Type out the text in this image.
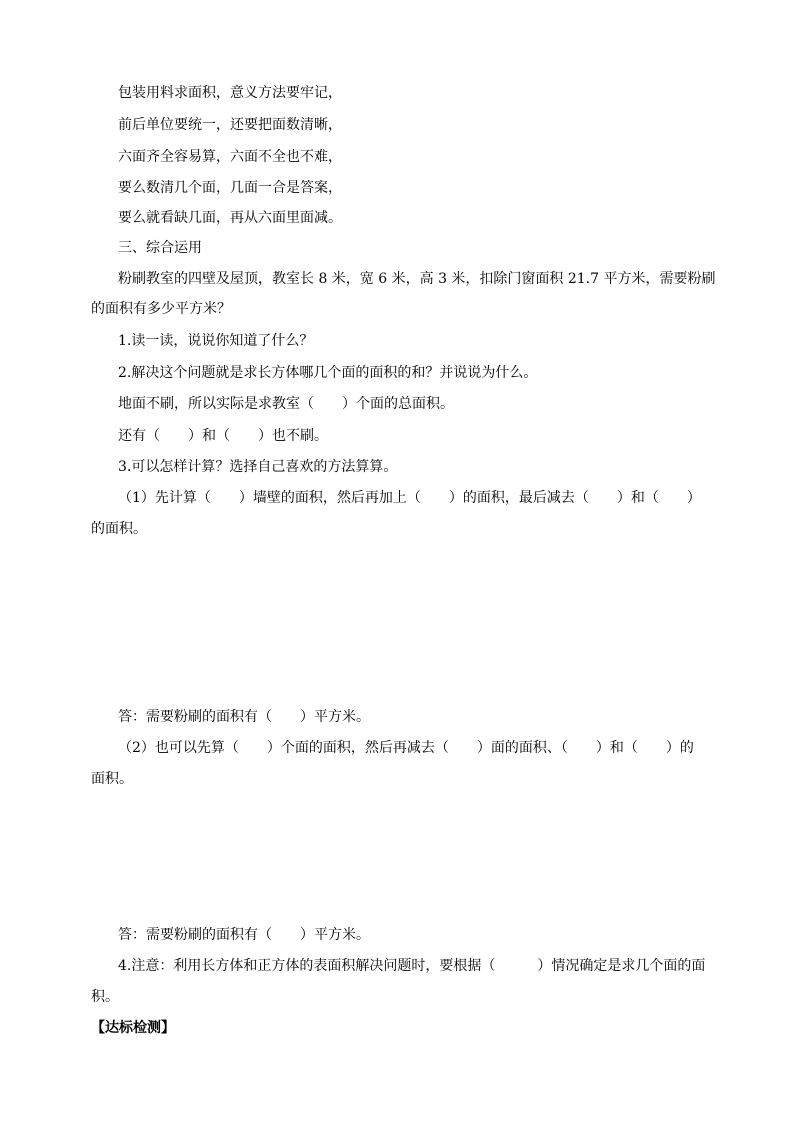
包装用料求面积，意义方法要牢记，
前后单位要统一，还要把面数清晰，
六面齐全容易算，六面不全也不难，
要么数清几个面，几面一合是答案，
要么就看缺几面，再从六面里面减。
三、综合运用
粉刷教室的四壁及屋顶，教室长 8 米，宽 6 米，高 3 米，扣除门窗面积 21.7 平方米，需要粉刷
的面积有多少平方米？
1.读一读，说说你知道了什么？
2.解决这个问题就是求长方体哪几个面的面积的和？并说说为什么。
地面不刷，所以实际是求教室（　　）个面的总面积。
还有（　　）和（　　）也不刷。
3.可以怎样计算？选择自己喜欢的方法算算。
（1）先计算（　　）墙壁的面积，然后再加上（　　）的面积，最后减去（　　）和（　　）
的面积。
答：需要粉刷的面积有（　　）平方米。
（2）也可以先算（　　）个面的面积，然后再减去（　　）面的面积、（　　）和（　　）的
面积。
答：需要粉刷的面积有（　　）平方米。
4.注意：利用长方体和正方体的表面积解决问题时，要根据（　　　）情况确定是求几个面的面
积。
【达标检测】
